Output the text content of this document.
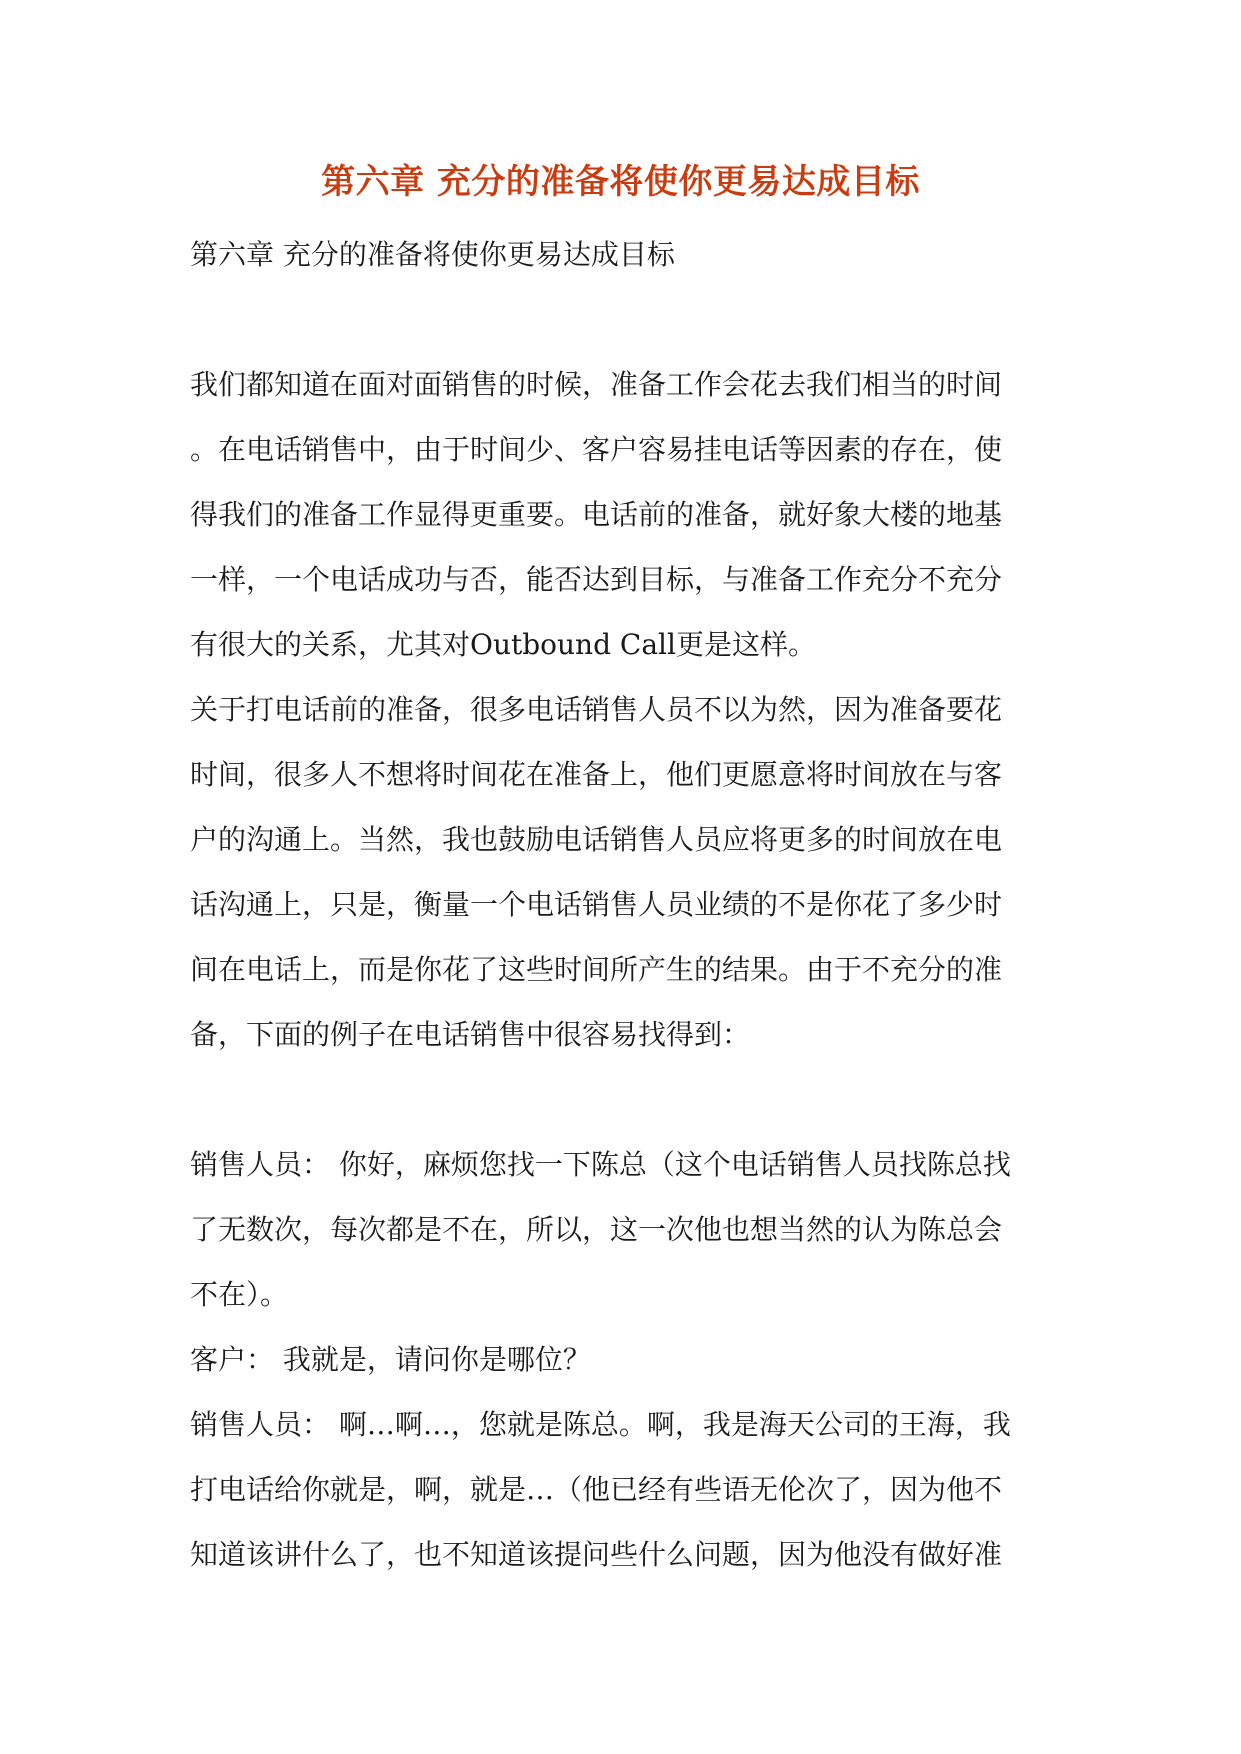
第六章 充分的准备将使你更易达成目标

第六章 充分的准备将使你更易达成目标

我们都知道在面对面销售的时候，准备工作会花去我们相当的时间
。在电话销售中，由于时间少、客户容易挂电话等因素的存在，使
得我们的准备工作显得更重要。电话前的准备，就好象大楼的地基
一样，一个电话成功与否，能否达到目标，与准备工作充分不充分
有很大的关系，尤其对Outbound Call更是这样。

关于打电话前的准备，很多电话销售人员不以为然，因为准备要花
时间，很多人不想将时间花在准备上，他们更愿意将时间放在与客
户的沟通上。当然，我也鼓励电话销售人员应将更多的时间放在电
话沟通上，只是，衡量一个电话销售人员业绩的不是你花了多少时
间在电话上，而是你花了这些时间所产生的结果。由于不充分的准
备，下面的例子在电话销售中很容易找得到：

销售人员： 你好，麻烦您找一下陈总（这个电话销售人员找陈总找
了无数次，每次都是不在，所以，这一次他也想当然的认为陈总会
不在）。

客户： 我就是，请问你是哪位？

销售人员： 啊…啊…，您就是陈总。啊，我是海天公司的王海，我
打电话给你就是，啊，就是…（他已经有些语无伦次了，因为他不
知道该讲什么了，也不知道该提问些什么问题，因为他没有做好准
